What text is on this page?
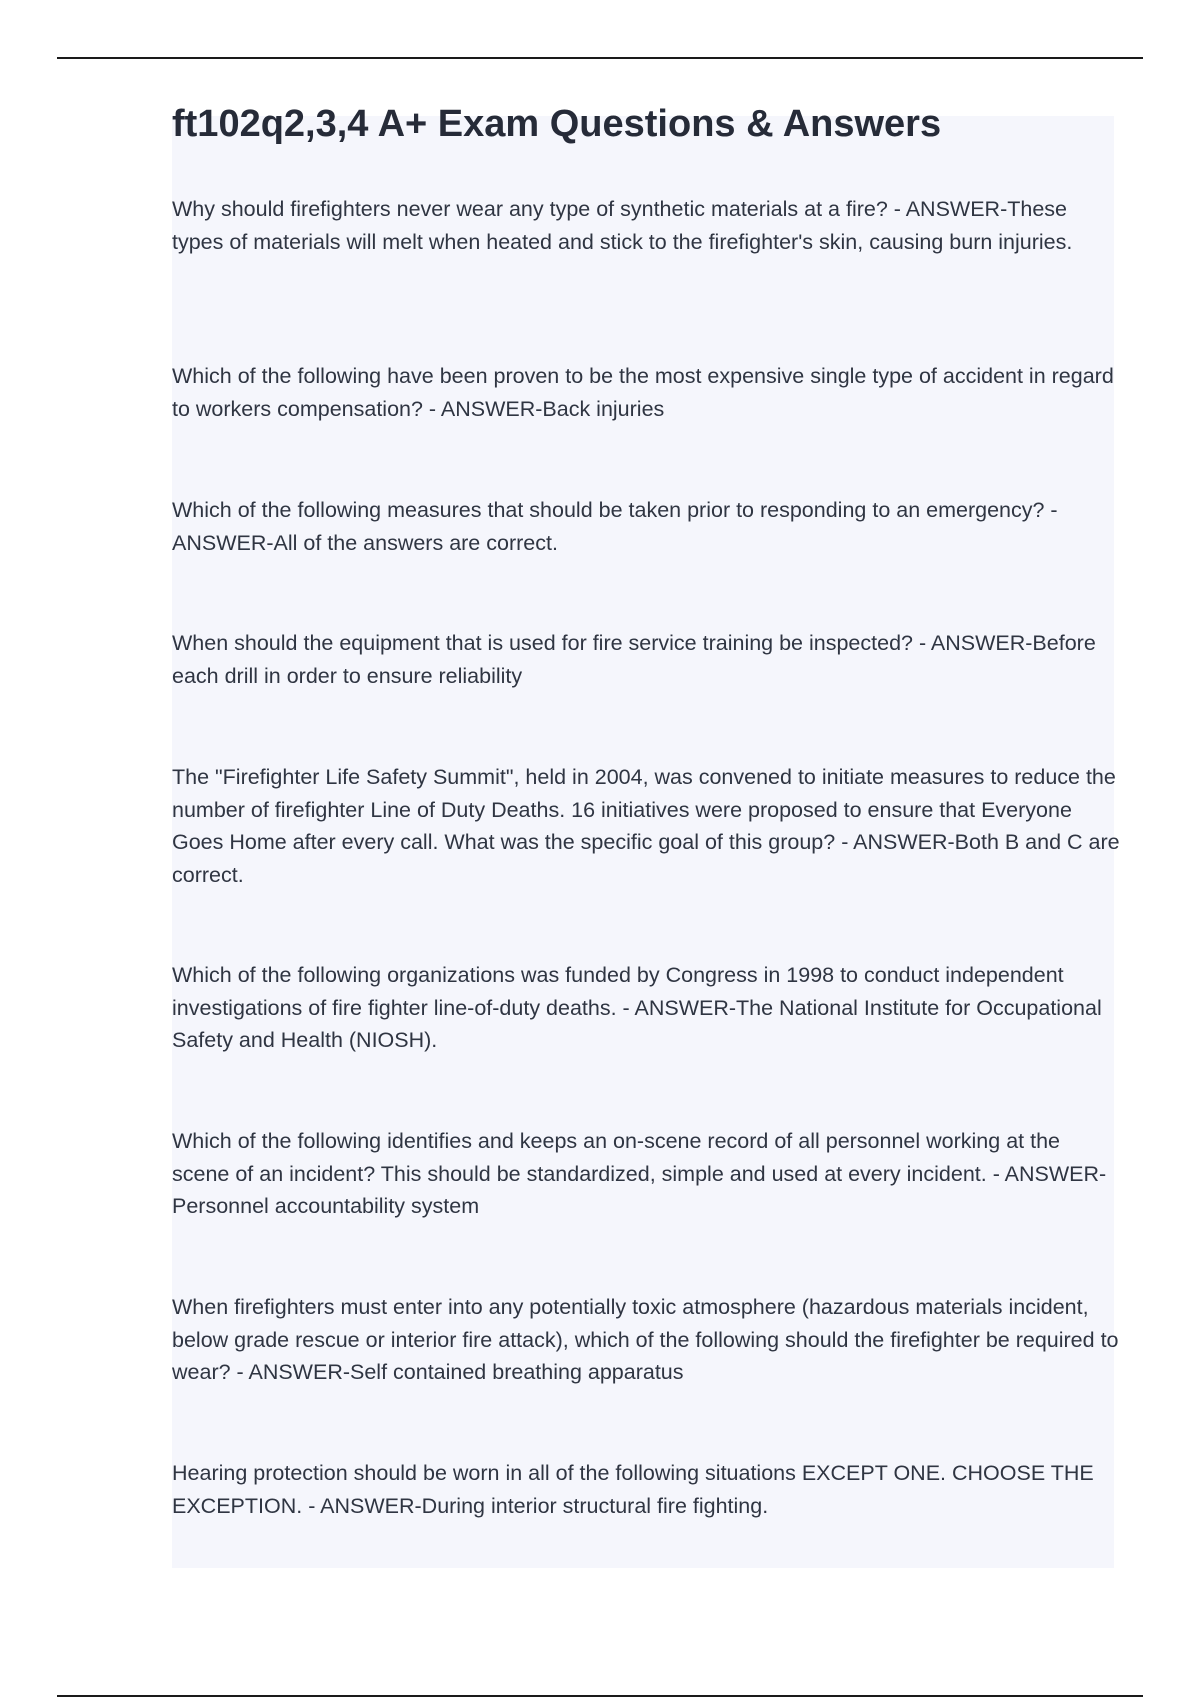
ft102q2,3,4 A+ Exam Questions & Answers

Why should firefighters never wear any type of synthetic materials at a fire? - ANSWER-These types of materials will melt when heated and stick to the firefighter's skin, causing burn injuries.

Which of the following have been proven to be the most expensive single type of accident in regard to workers compensation? - ANSWER-Back injuries

Which of the following measures that should be taken prior to responding to an emergency? - ANSWER-All of the answers are correct.

When should the equipment that is used for fire service training be inspected? - ANSWER-Before each drill in order to ensure reliability

The "Firefighter Life Safety Summit", held in 2004, was convened to initiate measures to reduce the number of firefighter Line of Duty Deaths. 16 initiatives were proposed to ensure that Everyone Goes Home after every call. What was the specific goal of this group? - ANSWER-Both B and C are correct.

Which of the following organizations was funded by Congress in 1998 to conduct independent investigations of fire fighter line-of-duty deaths. - ANSWER-The National Institute for Occupational Safety and Health (NIOSH).

Which of the following identifies and keeps an on-scene record of all personnel working at the scene of an incident? This should be standardized, simple and used at every incident. - ANSWER-Personnel accountability system

When firefighters must enter into any potentially toxic atmosphere (hazardous materials incident, below grade rescue or interior fire attack), which of the following should the firefighter be required to wear? - ANSWER-Self contained breathing apparatus

Hearing protection should be worn in all of the following situations EXCEPT ONE. CHOOSE THE EXCEPTION. - ANSWER-During interior structural fire fighting.
